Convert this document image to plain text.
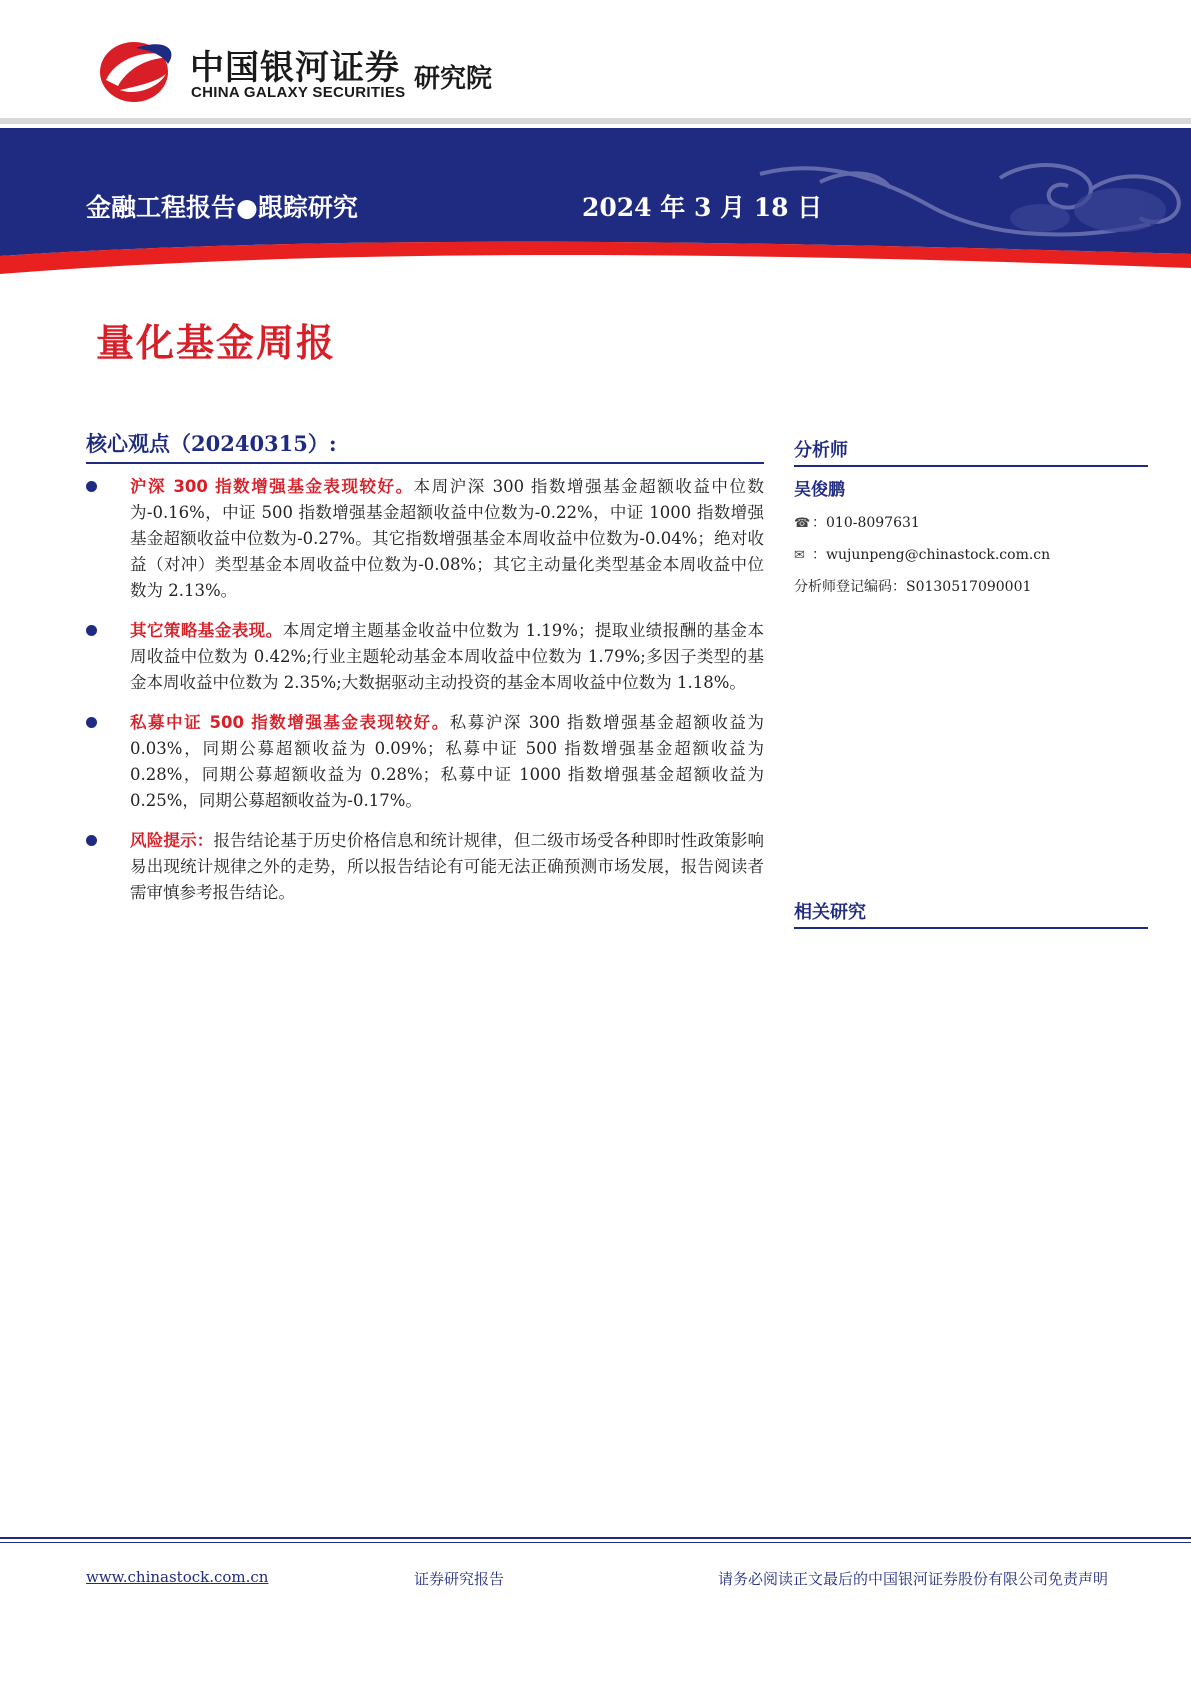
中国银河证券
CHINA GALAXY SECURITIES 研究院
金融工程报告●跟踪研究	2024 年 3 月 18 日
量化基金周报
核心观点（20240315）:

沪深 300 指数增强基金表现较好。本周沪深 300 指数增强基金超额收益中位数为-0.16%，中证 500 指数增强基金超额收益中位数为-0.22%，中证 1000 指数增强基金超额收益中位数为-0.27%。其它指数增强基金本周收益中位数为-0.04%；绝对收益（对冲）类型基金本周收益中位数为-0.08%；其它主动量化类型基金本周收益中位数为 2.13%。

其它策略基金表现。本周定增主题基金收益中位数为 1.19%；提取业绩报酬的基金本周收益中位数为 0.42%;行业主题轮动基金本周收益中位数为 1.79%;多因子类型的基金本周收益中位数为 2.35%;大数据驱动主动投资的基金本周收益中位数为 1.18%。

私募中证 500 指数增强基金表现较好。私募沪深 300 指数增强基金超额收益为 0.03%，同期公募超额收益为 0.09%；私募中证 500 指数增强基金超额收益为 0.28%，同期公募超额收益为 0.28%；私募中证 1000 指数增强基金超额收益为 0.25%，同期公募超额收益为-0.17%。

风险提示：报告结论基于历史价格信息和统计规律，但二级市场受各种即时性政策影响易出现统计规律之外的走势，所以报告结论有可能无法正确预测市场发展，报告阅读者需审慎参考报告结论。

分析师
吴俊鹏
☎ ：010-8097631
✉ ：wujunpeng@chinastock.com.cn
分析师登记编码：S0130517090001
相关研究
www.chinastock.com.cn	证券研究报告	请务必阅读正文最后的中国银河证券股份有限公司免责声明
